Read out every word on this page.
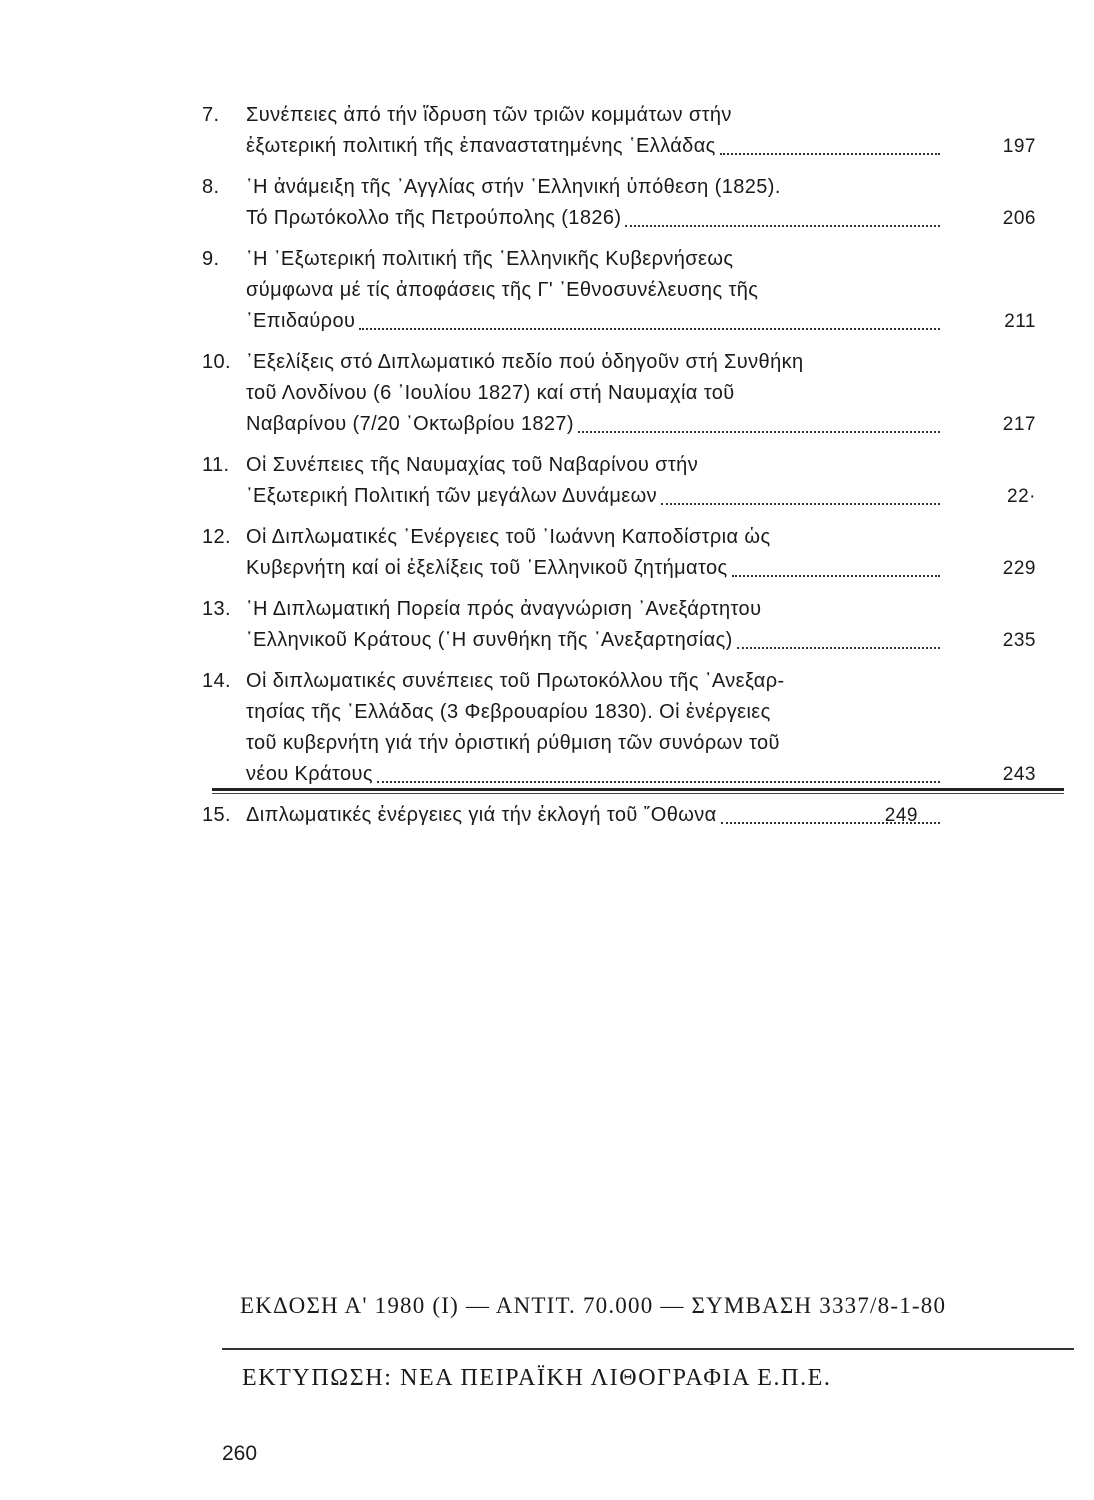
7.	Συνέπειες ἀπό τήν ἵδρυση τῶν τριῶν κομμάτων στήν
ἐξωτερική πολιτική τῆς ἐπαναστατημένης ῾Ελλάδας	197
8.	῾Η ἀνάμειξη τῆς ᾿Αγγλίας στήν ῾Ελληνική ὑπόθεση (1825).
Τό Πρωτόκολλο τῆς Πετρούπολης (1826)	206
9.	῾Η ᾿Εξωτερική πολιτική τῆς ῾Ελληνικῆς Κυβερνήσεως
σύμφωνα μέ τίς ἀποφάσεις τῆς Γ' ᾿Εθνοσυνέλευσης τῆς
᾿Επιδαύρου	211
10. ᾿Εξελίξεις στό Διπλωματικό πεδίο πού ὁδηγοῦν στή Συνθήκη
τοῦ Λονδίνου (6 ᾿Ιουλίου 1827) καί στή Ναυμαχία τοῦ
Ναβαρίνου (7/20 ᾿Οκτωβρίου 1827)	217
11. Οἱ Συνέπειες τῆς Ναυμαχίας τοῦ Ναβαρίνου στήν
᾿Εξωτερική Πολιτική τῶν μεγάλων Δυνάμεων	22·
12. Οἱ Διπλωματικές ᾿Ενέργειες τοῦ ᾿Ιωάννη Καποδίστρια ὡς
Κυβερνήτη καί οἱ ἐξελίξεις τοῦ ῾Ελληνικοῦ ζητήματος	229
13. ῾Η Διπλωματική Πορεία πρός ἀναγνώριση ᾿Ανεξάρτητου
῾Ελληνικοῦ Κράτους (῾Η συνθήκη τῆς ᾿Ανεξαρτησίας)	235
14. Οἱ διπλωματικές συνέπειες τοῦ Πρωτοκόλλου τῆς ᾿Ανεξαρ-
τησίας τῆς ῾Ελλάδας (3 Φεβρουαρίου 1830). Οἱ ἐνέργειες
τοῦ κυβερνήτη γιά τήν ὁριστική ρύθμιση τῶν συνόρων τοῦ
νέου Κράτους	243
15. Διπλωματικές ἐνέργειες γιά τήν ἐκλογή τοῦ ῎Οθωνα	249
ΕΚΔΟΣΗ Α' 1980 (Ι) — ΑΝΤΙΤ. 70.000 — ΣΥΜΒΑΣΗ 3337/8-1-80
ΕΚΤΥΠΩΣΗ: ΝΕΑ ΠΕΙΡΑΪΚΗ ΛΙΘΟΓΡΑΦΙΑ Ε.Π.Ε.
260
